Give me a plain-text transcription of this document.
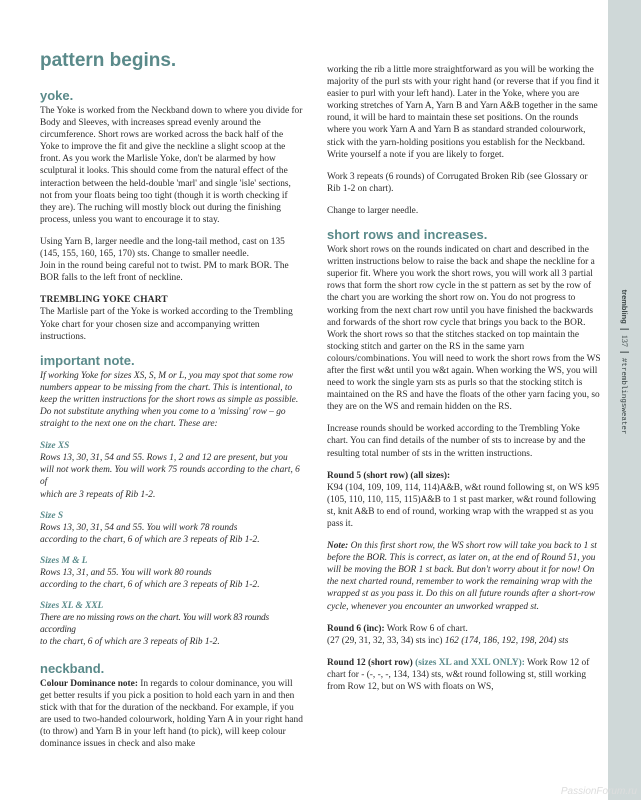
pattern begins.
yoke.

The Yoke is worked from the Neckband down to where you divide for Body and Sleeves, with increases spread evenly around the circumference. Short rows are worked across the back half of the Yoke to improve the fit and give the neckline a slight scoop at the front. As you work the Marlisle Yoke, don't be alarmed by how sculptural it looks. This should come from the natural effect of the interaction between the held-double 'marl' and single 'isle' sections, not from your floats being too tight (though it is worth checking if they are). The ruching will mostly block out during the finishing process, unless you want to encourage it to stay.

Using Yarn B, larger needle and the long-tail method, cast on 135 (145, 155, 160, 165, 170) sts. Change to smaller needle.

Join in the round being careful not to twist. PM to mark BOR. The BOR falls to the left front of neckline.

TREMBLING YOKE CHART

The Marlisle part of the Yoke is worked according to the Trembling Yoke chart for your chosen size and accompanying written instructions.

important note.

If working Yoke for sizes XS, S, M or L, you may spot that some row numbers appear to be missing from the chart. This is intentional, to keep the written instructions for the short rows as simple as possible. Do not substitute anything when you come to a 'missing' row – go straight to the next one on the chart. These are:

Size XS

Rows 13, 30, 31, 54 and 55. Rows 1, 2 and 12 are present, but you
will not work them. You will work 75 rounds according to the chart, 6 of
which are 3 repeats of Rib 1-2.

Size S

Rows 13, 30, 31, 54 and 55. You will work 78 rounds
according to the chart, 6 of which are 3 repeats of Rib 1-2.

Sizes M & L

Rows 13, 31, and 55. You will work 80 rounds
according to the chart, 6 of which are 3 repeats of Rib 1-2.

Sizes XL & XXL

There are no missing rows on the chart. You will work 83 rounds according
to the chart, 6 of which are 3 repeats of Rib 1-2.
neckband.

Colour Dominance note: In regards to colour dominance, you will get better results if you pick a position to hold each yarn in and then stick with that for the duration of the neckband. For example, if you are used to two-handed colourwork, holding Yarn A in your right hand (to throw) and Yarn B in your left hand (to pick), will keep colour dominance issues in check and also make

working the rib a little more straightforward as you will be working the majority of the purl sts with your right hand (or reverse that if you find it easier to purl with your left hand). Later in the Yoke, where you are working stretches of Yarn A, Yarn B and Yarn A&B together in the same round, it will be hard to maintain these set positions. On the rounds where you work Yarn A and Yarn B as standard stranded colourwork, stick with the yarn-holding positions you establish for the Neckband. Write yourself a note if you are likely to forget.

Work 3 repeats (6 rounds) of Corrugated Broken Rib (see Glossary or Rib 1-2 on chart).

Change to larger needle.

short rows and increases.

Work short rows on the rounds indicated on chart and described in the written instructions below to raise the back and shape the neckline for a superior fit. Where you work the short rows, you will work all 3 partial rows that form the short row cycle in the st pattern as set by the row of the chart you are working the short row on. You do not progress to working from the next chart row until you have finished the backwards and forwards of the short row cycle that brings you back to the BOR. Work the short rows so that the stitches stacked on top maintain the stocking stitch and garter on the RS in the same yarn colours/combinations. You will need to work the short rows from the WS after the first w&t until you w&t again. When working the WS, you will need to work the single yarn sts as purls so that the stocking stitch is maintained on the RS and have the floats of the other yarn facing you, so they are on the WS and remain hidden on the RS.

Increase rounds should be worked according to the Trembling Yoke chart. You can find details of the number of sts to increase by and the resulting total number of sts in the written instructions.

Round 5 (short row) (all sizes):
K94 (104, 109, 109, 114, 114)A&B, w&t round following st, on WS k95 (105, 110, 110, 115, 115)A&B to 1 st past marker, w&t round following st, knit A&B to end of round, working wrap with the wrapped st as you pass it.

Note: On this first short row, the WS short row will take you back to 1 st before the BOR. This is correct, as later on, at the end of Round 51, you will be moving the BOR 1 st back. But don't worry about it for now! On the next charted round, remember to work the remaining wrap with the wrapped st as you pass it. Do this on all future rounds after a short-row cycle, whenever you encounter an unworked wrapped st.

Round 6 (inc): Work Row 6 of chart.
(27 (29, 31, 32, 33, 34) sts inc) 162 (174, 186, 192, 198, 204) sts

Round 12 (short row) (sizes XL and XXL ONLY): Work Row 12 of chart for - (-, -, -, 134, 134) sts, w&t round following st, still working from Row 12, but on WS with floats on WS,

trembling137#tremblingsweater
PassionForum.ru
